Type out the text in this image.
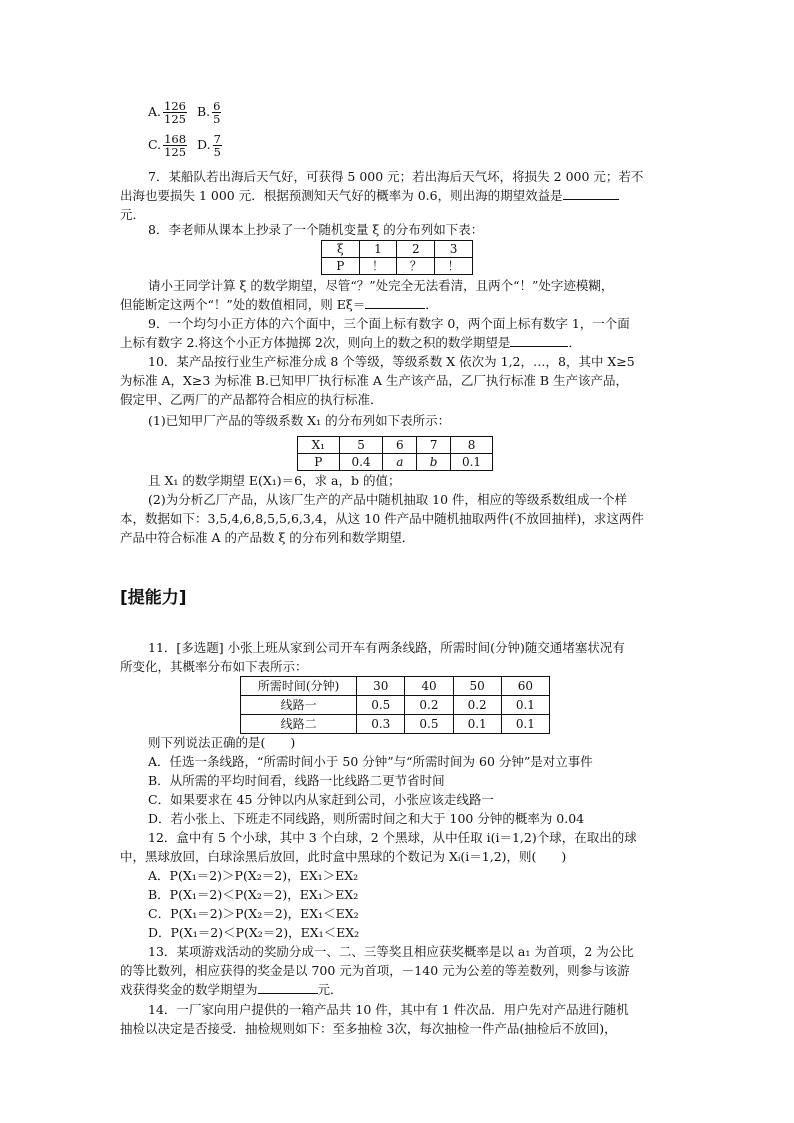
A. $\frac{126}{125} B$. $\frac{6}{5}$
C. $\frac{168}{125} D$. $\frac{7}{5}$
7．某船队若出海后天气好，可获得 5 000 元；若出海后天气坏，将损失 2 000 元；若不
出海也要损失 1 000 元．根据预测知天气好的概率为 0.6，则出海的期望效益是
元．
8．李老师从课本上抄录了一个随机变量 ξ 的分布列如下表：
ξ	1	2	3
P	！	？	！
请小王同学计算 ξ 的数学期望，尽管“？”处完全无法看清，且两个“！”处字迹模糊，
但能断定这两个“！”处的数值相同，则 Eξ＝	．
9．一个均匀小正方体的六个面中，三个面上标有数字 0，两个面上标有数字 1，一个面
上标有数字 2.将这个小正方体抛掷 2次，则向上的数之积的数学期望是	．
10．某产品按行业生产标准分成 8 个等级，等级系数 X 依次为 1,2，…，8，其中 X≥5
为标准 A，X≥3 为标准 B.已知甲厂执行标准 A 生产该产品，乙厂执行标准 B 生产该产品，
假定甲、乙两厂的产品都符合相应的执行标准．
(1)已知甲厂产品的等级系数 X₁ 的分布列如下表所示：
X₁	5	6	7	8
P	0.4	a	b	0.1
且 X₁ 的数学期望 E(X₁)＝6，求 a，b 的值；
(2)为分析乙厂产品，从该厂生产的产品中随机抽取 10 件，相应的等级系数组成一个样
本，数据如下：3,5,4,6,8,5,5,6,3,4，从这 10 件产品中随机抽取两件(不放回抽样)，求这两件
产品中符合标准 A 的产品数 ξ 的分布列和数学期望．
[提能力]
11．[多选题] 小张上班从家到公司开车有两条线路，所需时间(分钟)随交通堵塞状况有
所变化，其概率分布如下表所示：
所需时间(分钟)	30	40	50	60
线路一	0.5	0.2	0.2	0.1
线路二	0.3	0.5	0.1	0.1
则下列说法正确的是(　　)
A．任选一条线路，“所需时间小于 50 分钟”与“所需时间为 60 分钟”是对立事件
B．从所需的平均时间看，线路一比线路二更节省时间
C．如果要求在 45 分钟以内从家赶到公司，小张应该走线路一
D．若小张上、下班走不同线路，则所需时间之和大于 100 分钟的概率为 0.04
12．盒中有 5 个小球，其中 3 个白球，2 个黑球，从中任取 i(i＝1,2)个球，在取出的球
中，黑球放回，白球涂黑后放回，此时盒中黑球的个数记为 Xᵢ(i＝1,2)，则(　　)
A．P(X₁＝2)＞P(X₂＝2)，EX₁＞EX₂
B．P(X₁＝2)＜P(X₂＝2)，EX₁＞EX₂
C．P(X₁＝2)＞P(X₂＝2)，EX₁＜EX₂
D．P(X₁＝2)＜P(X₂＝2)，EX₁＜EX₂
13．某项游戏活动的奖励分成一、二、三等奖且相应获奖概率是以 a₁ 为首项，2 为公比
的等比数列，相应获得的奖金是以 700 元为首项，－140 元为公差的等差数列，则参与该游
戏获得奖金的数学期望为	元．
14．一厂家向用户提供的一箱产品共 10 件，其中有 1 件次品．用户先对产品进行随机
抽检以决定是否接受．抽检规则如下：至多抽检 3次，每次抽检一件产品(抽检后不放回)，
